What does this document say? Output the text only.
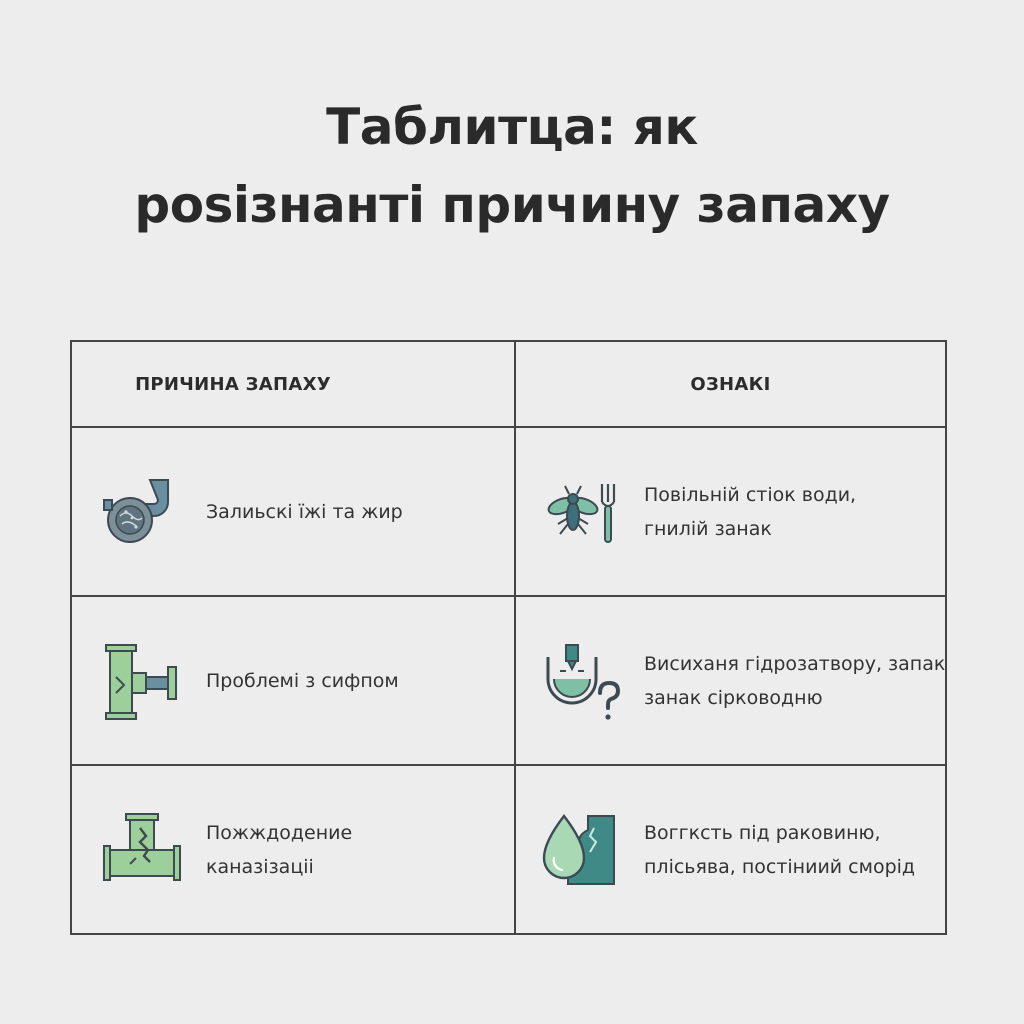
Таблитца: як
posізнанті причину запаху
ПРИЧИНА ЗАПАХУ	ОЗНАКІ

Залиьскі їжі та жир	Повільній стіок води,
гнилій занак

Проблемі з сифпом	Висиханя гідрозатвору, запак
занак сірководню

Пожждодение
каназізаціі	Воггксть під раковиню,
плісьява, постіниий сморід
